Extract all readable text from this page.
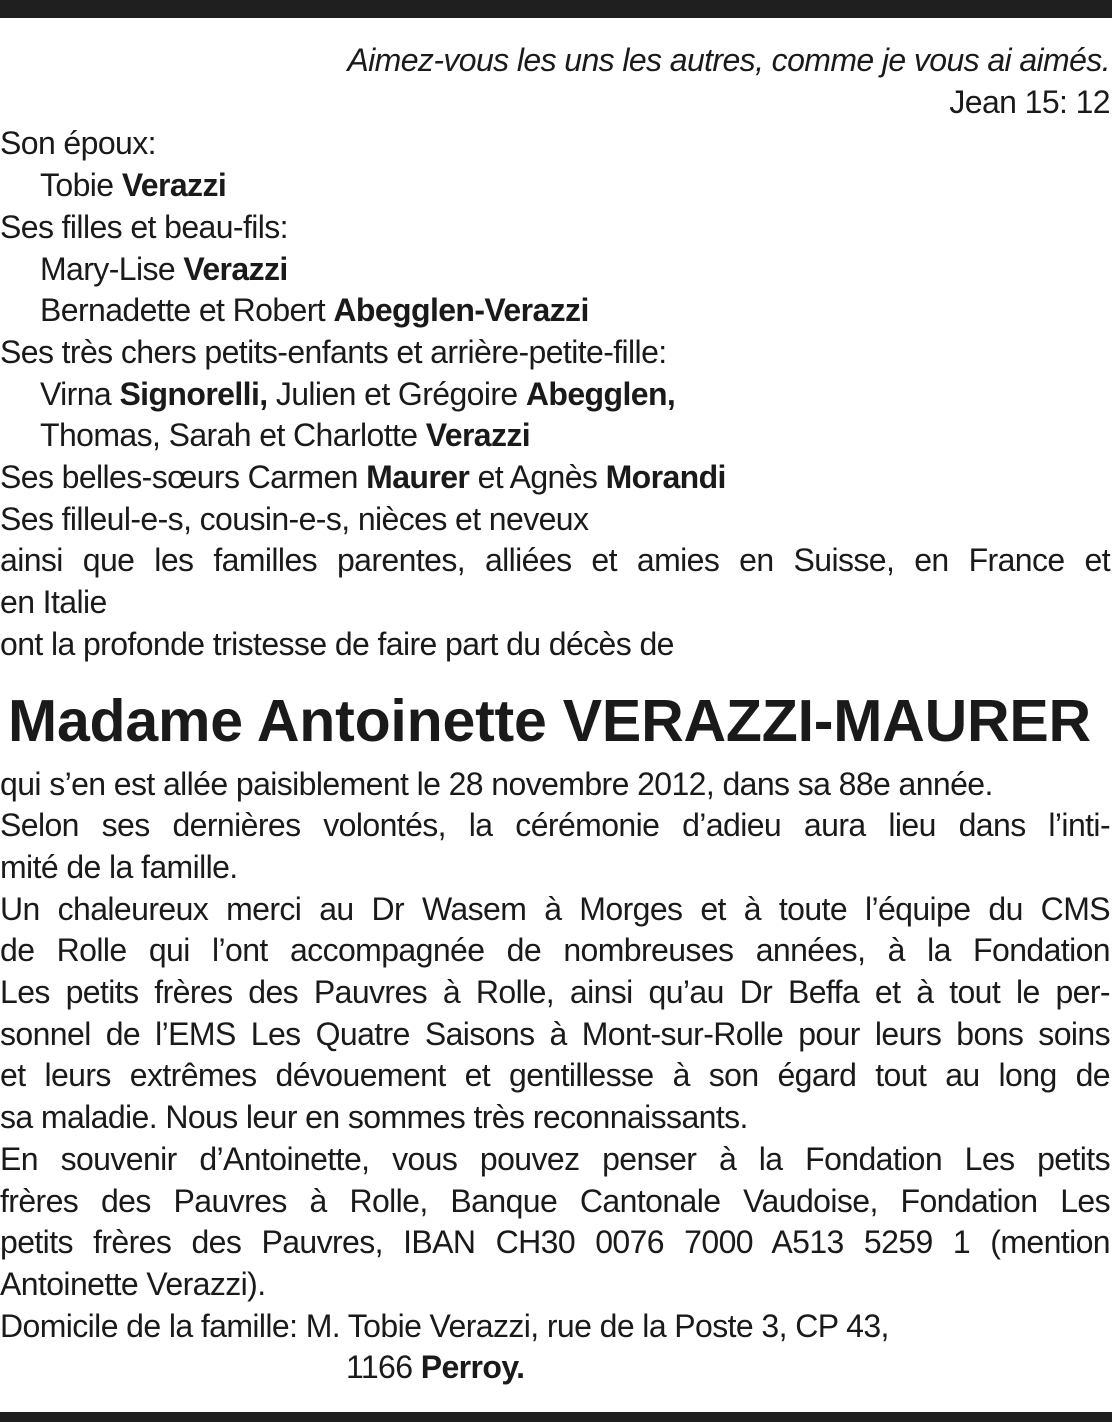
Aimez-vous les uns les autres, comme je vous ai aimés.
Jean 15: 12
Son époux:
Tobie Verazzi
Ses filles et beau-fils:
Mary-Lise Verazzi
Bernadette et Robert Abegglen-Verazzi
Ses très chers petits-enfants et arrière-petite-fille:
Virna Signorelli, Julien et Grégoire Abegglen,
Thomas, Sarah et Charlotte Verazzi
Ses belles-sœurs Carmen Maurer et Agnès Morandi
Ses filleul-e-s, cousin-e-s, nièces et neveux
ainsi que les familles parentes, alliées et amies en Suisse, en France et
en Italie
ont la profonde tristesse de faire part du décès de
Madame Antoinette VERAZZI-MAURER
qui s’en est allée paisiblement le 28 novembre 2012, dans sa 88e année.
Selon ses dernières volontés, la cérémonie d’adieu aura lieu dans l’inti-
mité de la famille.
Un chaleureux merci au Dr Wasem à Morges et à toute l’équipe du CMS
de Rolle qui l’ont accompagnée de nombreuses années, à la Fondation
Les petits frères des Pauvres à Rolle, ainsi qu’au Dr Beffa et à tout le per-
sonnel de l’EMS Les Quatre Saisons à Mont-sur-Rolle pour leurs bons soins
et leurs extrêmes dévouement et gentillesse à son égard tout au long de
sa maladie. Nous leur en sommes très reconnaissants.
En souvenir d’Antoinette, vous pouvez penser à la Fondation Les petits
frères des Pauvres à Rolle, Banque Cantonale Vaudoise, Fondation Les
petits frères des Pauvres, IBAN CH30 0076 7000 A513 5259 1 (mention
Antoinette Verazzi).
Domicile de la famille: M. Tobie Verazzi, rue de la Poste 3, CP 43,
1166 Perroy.
